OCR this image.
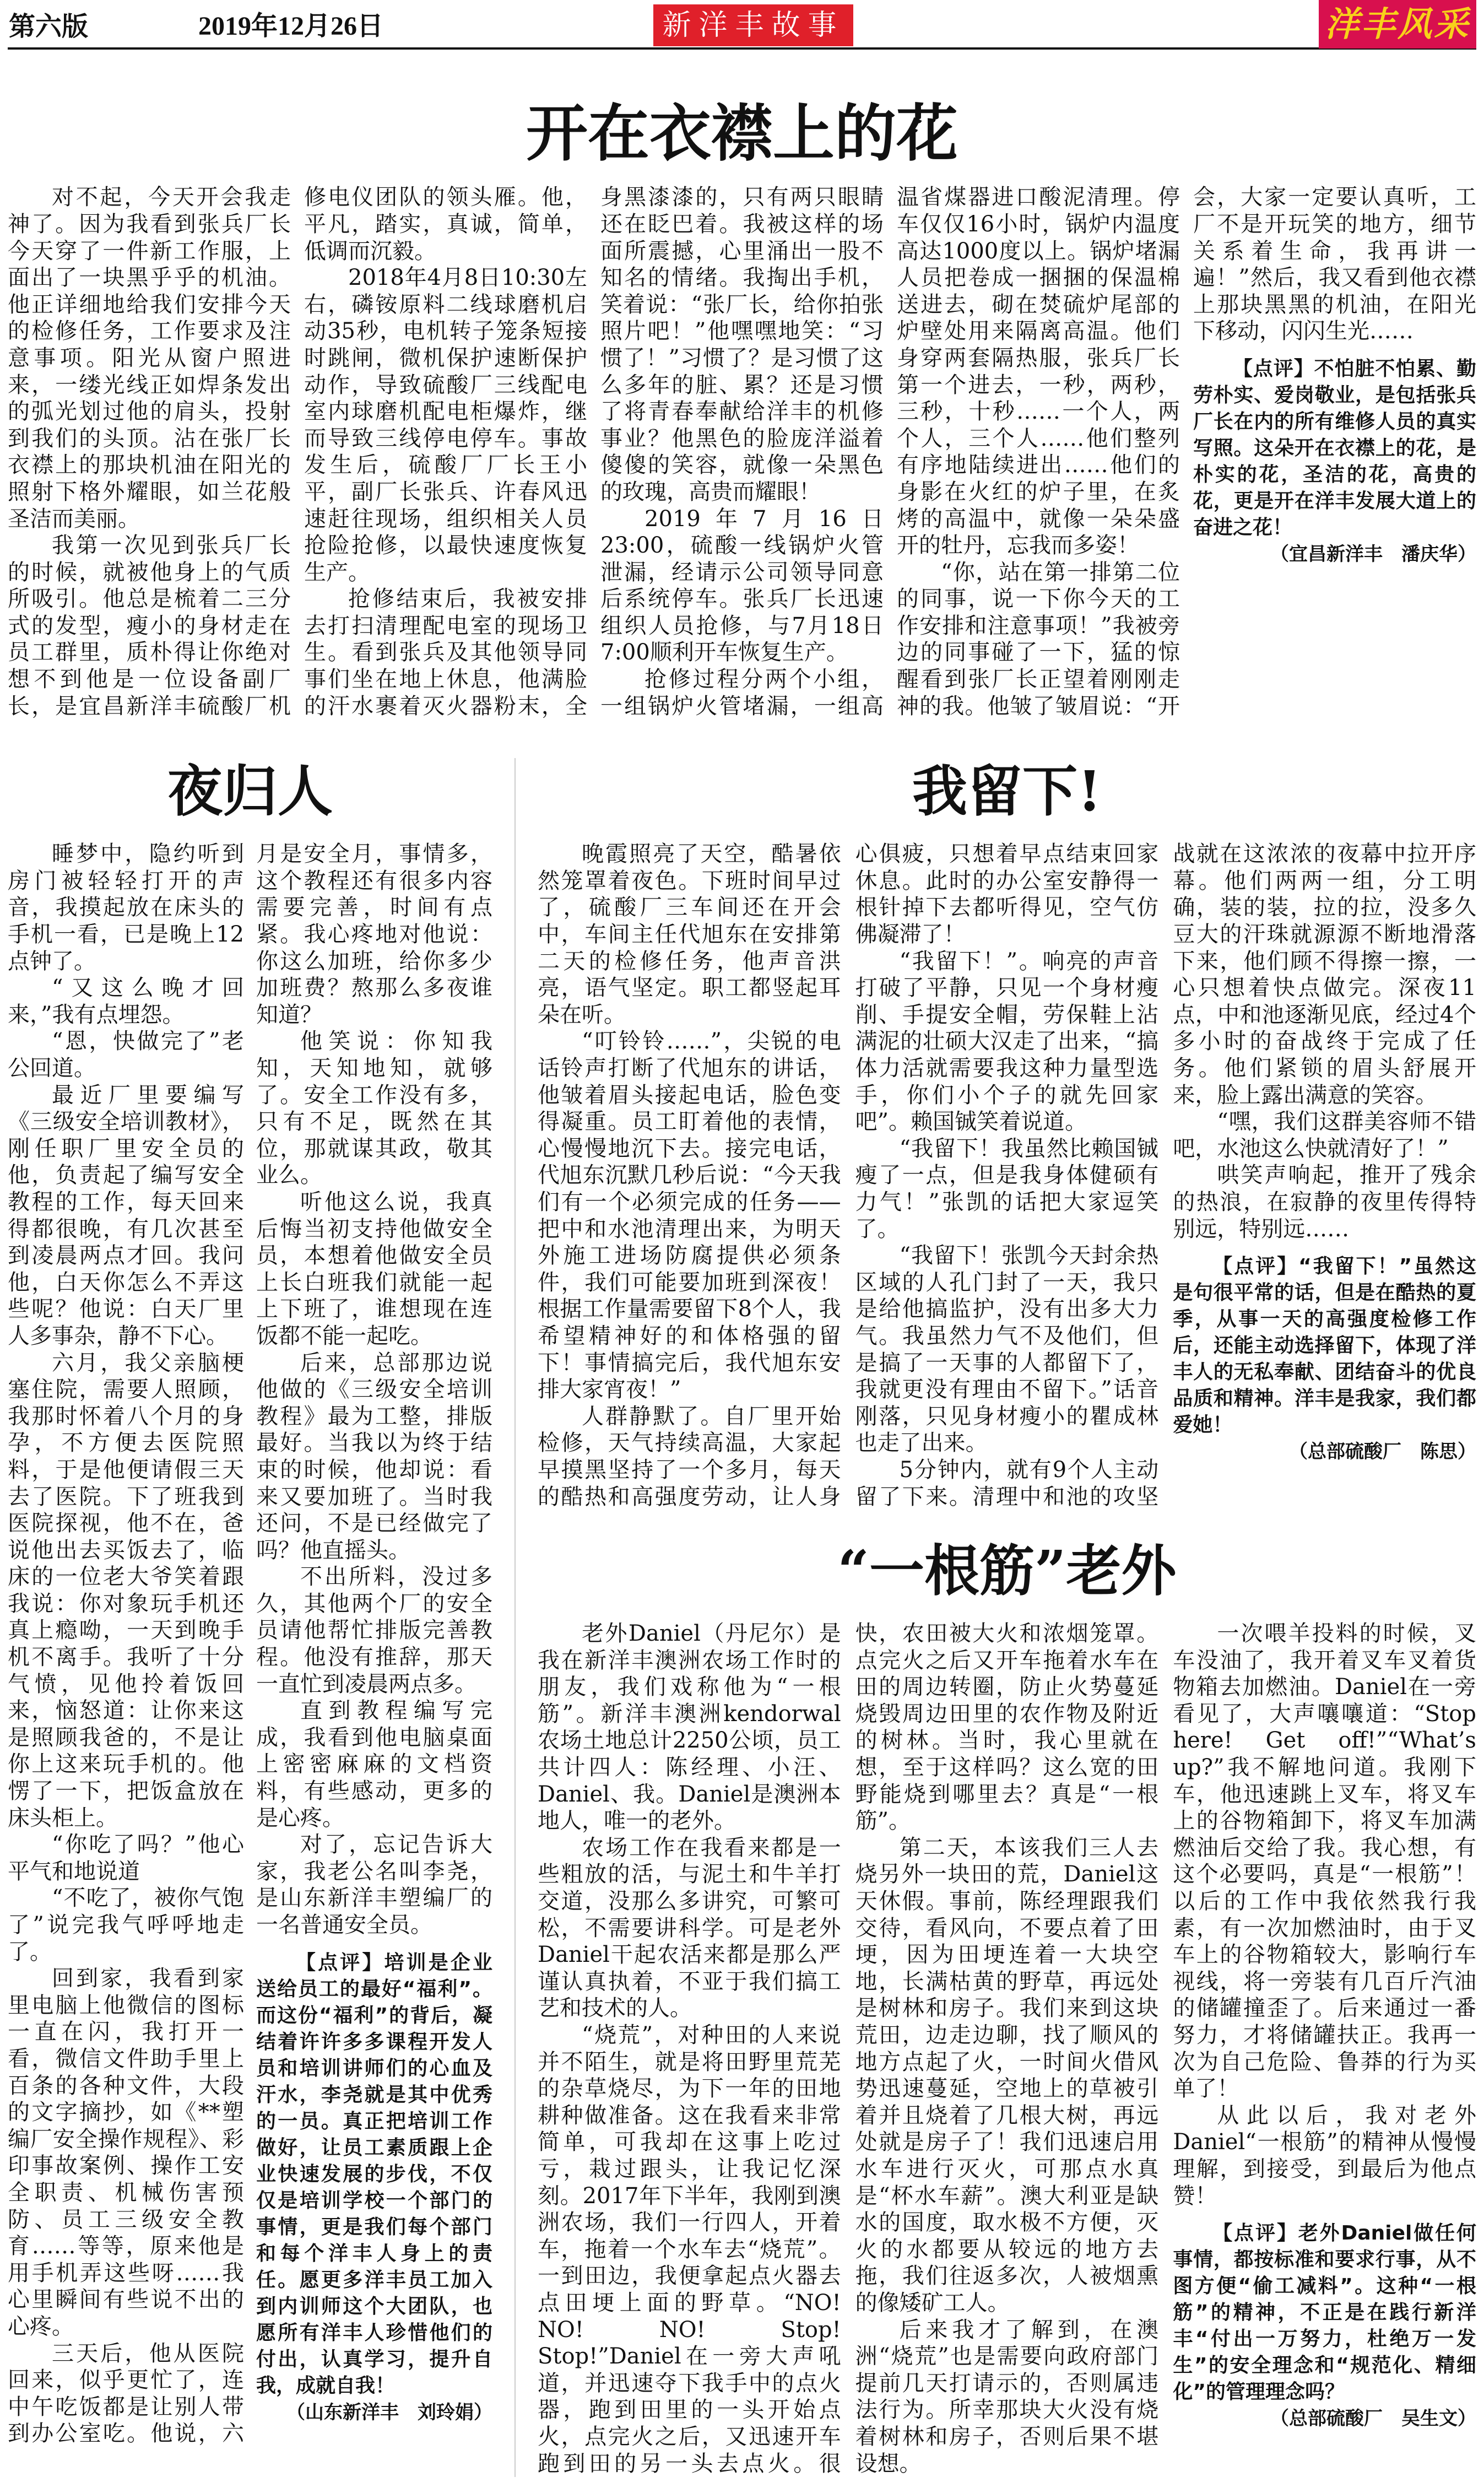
第六版	2019年12月26日	新洋丰故事	洋丰风采
开在衣襟上的花

对不起，今天开会我走神了。因为我看到张兵厂长今天穿了一件新工作服，上面出了一块黑乎乎的机油。他正详细地给我们安排今天的检修任务，工作要求及注意事项。阳光从窗户照进来，一缕光线正如焊条发出的弧光划过他的肩头，投射到我们的头顶。沾在张厂长衣襟上的那块机油在阳光的照射下格外耀眼，如兰花般圣洁而美丽。

我第一次见到张兵厂长的时候，就被他身上的气质所吸引。他总是梳着二三分式的发型，瘦小的身材走在员工群里，质朴得让你绝对想不到他是一位设备副厂长，是宜昌新洋丰硫酸厂机修电仪团队的领头雁。他，平凡，踏实，真诚，简单，低调而沉毅。

2018年4月8日10:30左右，磷铵原料二线球磨机启动35秒，电机转子笼条短接时跳闸，微机保护速断保护动作，导致硫酸厂三线配电室内球磨机配电柜爆炸，继而导致三线停电停车。事故发生后，硫酸厂厂长王小平，副厂长张兵、许春风迅速赶往现场，组织相关人员抢险抢修，以最快速度恢复生产。

抢修结束后，我被安排去打扫清理配电室的现场卫生。看到张兵及其他领导同事们坐在地上休息，他满脸的汗水裹着灭火器粉末，全身黑漆漆的，只有两只眼睛还在眨巴着。我被这样的场面所震撼，心里涌出一股不知名的情绪。我掏出手机，笑着说：“张厂长，给你拍张照片吧！”他嘿嘿地笑：“习惯了！”习惯了？是习惯了这么多年的脏、累？还是习惯了将青春奉献给洋丰的机修事业？他黑色的脸庞洋溢着傻傻的笑容，就像一朵黑色的玫瑰，高贵而耀眼！

2019年7月16日23:00，硫酸一线锅炉火管泄漏，经请示公司领导同意后系统停车。张兵厂长迅速组织人员抢修，与7月18日7:00顺利开车恢复生产。

抢修过程分两个小组，一组锅炉火管堵漏，一组高温省煤器进口酸泥清理。停车仅仅16小时，锅炉内温度高达1000度以上。锅炉堵漏人员把卷成一捆捆的保温棉送进去，砌在焚硫炉尾部的炉壁处用来隔离高温。他们身穿两套隔热服，张兵厂长第一个进去，一秒，两秒，三秒，十秒……一个人，两个人，三个人……他们整列有序地陆续进出……他们的身影在火红的炉子里，在炙烤的高温中，就像一朵朵盛开的牡丹，忘我而多姿！

“你，站在第一排第二位的同事，说一下你今天的工作安排和注意事项！”我被旁边的同事碰了一下，猛的惊醒看到张厂长正望着刚刚走神的我。他皱了皱眉说：“开会，大家一定要认真听，工厂不是开玩笑的地方，细节关系着生命，我再讲一遍！”然后，我又看到他衣襟上那块黑黑的机油，在阳光下移动，闪闪生光……

【点评】不怕脏不怕累、勤劳朴实、爱岗敬业，是包括张兵厂长在内的所有维修人员的真实写照。这朵开在衣襟上的花，是朴实的花，圣洁的花，高贵的花，更是开在洋丰发展大道上的奋进之花！

（宜昌新洋丰　潘庆华）

夜归人

睡梦中，隐约听到房门被轻轻打开的声音，我摸起放在床头的手机一看，已是晚上12点钟了。

“又这么晚才回来，”我有点埋怨。

“恩，快做完了”老公回道。

最近厂里要编写《三级安全培训教材》，刚任职厂里安全员的他，负责起了编写安全教程的工作，每天回来得都很晚，有几次甚至到凌晨两点才回。我问他，白天你怎么不弄这些呢？他说：白天厂里人多事杂，静不下心。

六月，我父亲脑梗塞住院，需要人照顾，我那时怀着八个月的身孕，不方便去医院照料，于是他便请假三天去了医院。下了班我到医院探视，他不在，爸说他出去买饭去了，临床的一位老大爷笑着跟我说：你对象玩手机还真上瘾呦，一天到晚手机不离手。我听了十分气愤，见他拎着饭回来，恼怒道：让你来这是照顾我爸的，不是让你上这来玩手机的。他愣了一下，把饭盒放在床头柜上。

“你吃了吗？”他心平气和地说道

“不吃了，被你气饱了”说完我气呼呼地走了。

回到家，我看到家里电脑上他微信的图标一直在闪，我打开一看，微信文件助手里上百条的各种文件，大段的文字摘抄，如《**塑编厂安全操作规程》、彩印事故案例、操作工安全职责、机械伤害预防、员工三级安全教育……等等，原来他是用手机弄这些呀……我心里瞬间有些说不出的心疼。

三天后，他从医院回来，似乎更忙了，连中午吃饭都是让别人带到办公室吃。他说，六月是安全月，事情多，这个教程还有很多内容需要完善，时间有点紧。我心疼地对他说：你这么加班，给你多少加班费？熬那么多夜谁知道？

他笑说：你知我知，天知地知，就够了。安全工作没有多，只有不足，既然在其位，那就谋其政，敬其业么。

听他这么说，我真后悔当初支持他做安全员，本想着他做安全员上长白班我们就能一起上下班了，谁想现在连饭都不能一起吃。

后来，总部那边说他做的《三级安全培训教程》最为工整，排版最好。当我以为终于结束的时候，他却说：看来又要加班了。当时我还问，不是已经做完了吗？他直摇头。

不出所料，没过多久，其他两个厂的安全员请他帮忙排版完善教程。他没有推辞，那天一直忙到凌晨两点多。

直到教程编写完成，我看到他电脑桌面上密密麻麻的文档资料，有些感动，更多的是心疼。

对了，忘记告诉大家，我老公名叫李尧，是山东新洋丰塑编厂的一名普通安全员。

【点评】培训是企业送给员工的最好“福利”。而这份“福利”的背后，凝结着许许多多课程开发人员和培训讲师们的心血及汗水，李尧就是其中优秀的一员。真正把培训工作做好，让员工素质跟上企业快速发展的步伐，不仅仅是培训学校一个部门的事情，更是我们每个部门和每个洋丰人身上的责任。愿更多洋丰员工加入到内训师这个大团队，也愿所有洋丰人珍惜他们的付出，认真学习，提升自我，成就自我！

（山东新洋丰　刘玲娟）

我留下!

晚霞照亮了天空，酷暑依然笼罩着夜色。下班时间早过了，硫酸厂三车间还在开会中，车间主任代旭东在安排第二天的检修任务，他声音洪亮，语气坚定。职工都竖起耳朵在听。

“叮铃铃……”，尖锐的电话铃声打断了代旭东的讲话，他皱着眉头接起电话，脸色变得凝重。员工盯着他的表情，心慢慢地沉下去。接完电话，代旭东沉默几秒后说：“今天我们有一个必须完成的任务——把中和水池清理出来，为明天外施工进场防腐提供必须条件，我们可能要加班到深夜！根据工作量需要留下8个人，我希望精神好的和体格强的留下！事情搞完后，我代旭东安排大家宵夜！”

人群静默了。自厂里开始检修，天气持续高温，大家起早摸黑坚持了一个多月，每天的酷热和高强度劳动，让人身心俱疲，只想着早点结束回家休息。此时的办公室安静得一根针掉下去都听得见，空气仿佛凝滞了！

“我留下！”。响亮的声音打破了平静，只见一个身材瘦削、手提安全帽，劳保鞋上沾满泥的壮硕大汉走了出来，“搞体力活就需要我这种力量型选手，你们小个子的就先回家吧”。赖国铖笑着说道。

“我留下！我虽然比赖国铖瘦了一点，但是我身体健硕有力气！”张凯的话把大家逗笑了。

“我留下！张凯今天封余热区域的人孔门封了一天，我只是给他搞监护，没有出多大力气。我虽然力气不及他们，但是搞了一天事的人都留下了，我就更没有理由不留下。”话音刚落，只见身材瘦小的瞿成林也走了出来。

5分钟内，就有9个人主动留了下来。清理中和池的攻坚战就在这浓浓的夜幕中拉开序幕。他们两两一组，分工明确，装的装，拉的拉，没多久豆大的汗珠就源源不断地滑落下来，他们顾不得擦一擦，一心只想着快点做完。深夜11点，中和池逐渐见底，经过4个多小时的奋战终于完成了任务。他们紧锁的眉头舒展开来，脸上露出满意的笑容。

“嘿，我们这群美容师不错吧，水池这么快就清好了！”

哄笑声响起，推开了残余的热浪，在寂静的夜里传得特别远，特别远……

【点评】“我留下！”虽然这是句很平常的话，但是在酷热的夏季，从事一天的高强度检修工作后，还能主动选择留下，体现了洋丰人的无私奉献、团结奋斗的优良品质和精神。洋丰是我家，我们都爱她！

（总部硫酸厂　陈思）

“一根筋”老外

老外Daniel（丹尼尔）是我在新洋丰澳洲农场工作时的朋友，我们戏称他为“一根筋”。新洋丰澳洲kendorwal农场土地总计2250公顷，员工共计四人：陈经理、小汪、Daniel、我。Daniel是澳洲本地人，唯一的老外。

农场工作在我看来都是一些粗放的活，与泥土和牛羊打交道，没那么多讲究，可繁可松，不需要讲科学。可是老外Daniel干起农活来都是那么严谨认真执着，不亚于我们搞工艺和技术的人。

“烧荒”，对种田的人来说并不陌生，就是将田野里荒芜的杂草烧尽，为下一年的田地耕种做准备。这在我看来非常简单，可我却在这事上吃过亏，栽过跟头，让我记忆深刻。2017年下半年，我刚到澳洲农场，我们一行四人，开着车，拖着一个水车去“烧荒”。一到田边，我便拿起点火器去点田埂上面的野草。“NO! NO! NO! Stop! Stop!”Daniel在一旁大声吼道，并迅速夺下我手中的点火器，跑到田里的一头开始点火，点完火之后，又迅速开车跑到田的另一头去点火。很快，农田被大火和浓烟笼罩。点完火之后又开车拖着水车在田的周边转圈，防止火势蔓延烧毁周边田里的农作物及附近的树林。当时，我心里就在想，至于这样吗？这么宽的田野能烧到哪里去？真是“一根筋”。

第二天，本该我们三人去烧另外一块田的荒，Daniel这天休假。事前，陈经理跟我们交待，看风向，不要点着了田埂，因为田埂连着一大块空地，长满枯黄的野草，再远处是树林和房子。我们来到这块荒田，边走边聊，找了顺风的地方点起了火，一时间火借风势迅速蔓延，空地上的草被引着并且烧着了几根大树，再远处就是房子了！我们迅速启用水车进行灭火，可那点水真是“杯水车薪”。澳大利亚是缺水的国度，取水极不方便，灭火的水都要从较远的地方去拖，我们往返多次，人被烟熏的像矮矿工人。

后来我才了解到，在澳洲“烧荒”也是需要向政府部门提前几天打请示的，否则属违法行为。所幸那块大火没有烧着树林和房子，否则后果不堪设想。

一次喂羊投料的时候，叉车没油了，我开着叉车叉着货物箱去加燃油。Daniel在一旁看见了，大声嚷嚷道：“Stop here! Get off!”“What’s up?”我不解地问道。我刚下车，他迅速跳上叉车，将叉车上的谷物箱卸下，将叉车加满燃油后交给了我。我心想，有这个必要吗，真是“一根筋”！以后的工作中我依然我行我素，有一次加燃油时，由于叉车上的谷物箱较大，影响行车视线，将一旁装有几百斤汽油的储罐撞歪了。后来通过一番努力，才将储罐扶正。我再一次为自己危险、鲁莽的行为买单了！

从此以后，我对老外Daniel“一根筋”的精神从慢慢理解，到接受，到最后为他点赞！

【点评】老外Daniel做任何事情，都按标准和要求行事，从不图方便“偷工减料”。这种“一根筋”的精神，不正是在践行新洋丰“付出一万努力，杜绝万一发生”的安全理念和“规范化、精细化”的管理理念吗？

（总部硫酸厂　吴生文）
